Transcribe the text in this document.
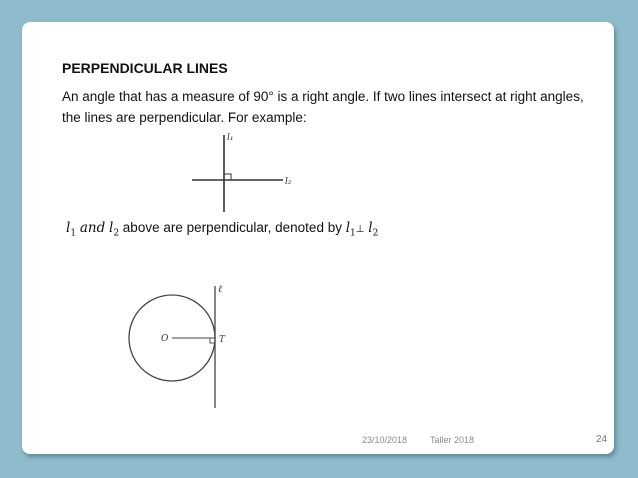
PERPENDICULAR LINES
An angle that has a measure of 90° is a right angle. If two lines intersect at right angles, the lines are perpendicular. For example:
l₁
l₂
$l_1$ and $l_2$ above are perpendicular, denoted by $l_1\perp$ $l_2$
ℓ
O	T
23/10/2018	Taller 2018	24
